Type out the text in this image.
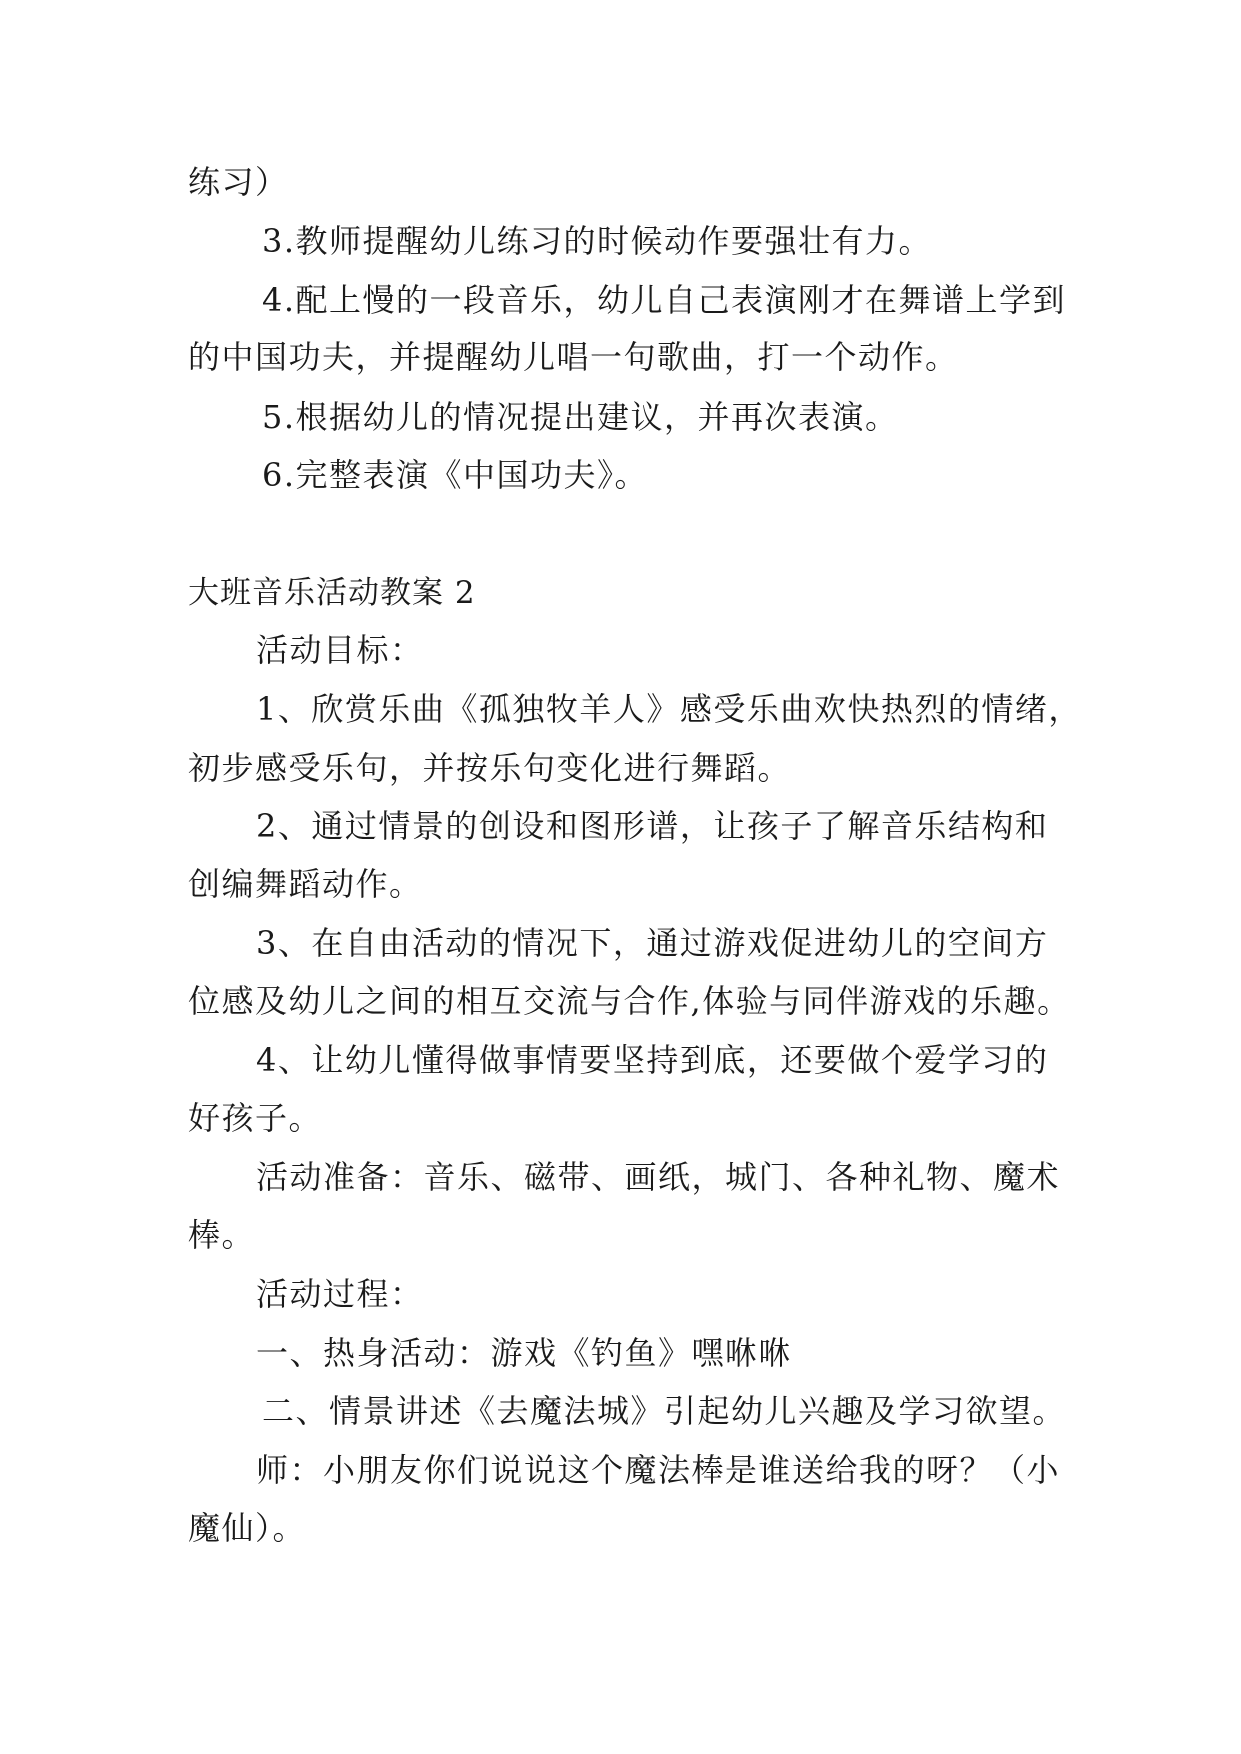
练习）
3.教师提醒幼儿练习的时候动作要强壮有力。
4.配上慢的一段音乐，幼儿自己表演刚才在舞谱上学到
的中国功夫，并提醒幼儿唱一句歌曲，打一个动作。
5.根据幼儿的情况提出建议，并再次表演。
6.完整表演《中国功夫》。
大班音乐活动教案 2
活动目标：
1、欣赏乐曲《孤独牧羊人》感受乐曲欢快热烈的情绪，
初步感受乐句，并按乐句变化进行舞蹈。
2、通过情景的创设和图形谱，让孩子了解音乐结构和
创编舞蹈动作。
3、在自由活动的情况下，通过游戏促进幼儿的空间方
位感及幼儿之间的相互交流与合作,体验与同伴游戏的乐趣。
4、让幼儿懂得做事情要坚持到底，还要做个爱学习的
好孩子。
活动准备：音乐、磁带、画纸，城门、各种礼物、魔术
棒。
活动过程：
一、热身活动：游戏《钓鱼》嘿咻咻
二、情景讲述《去魔法城》引起幼儿兴趣及学习欲望。
师：小朋友你们说说这个魔法棒是谁送给我的呀？（小
魔仙）。
